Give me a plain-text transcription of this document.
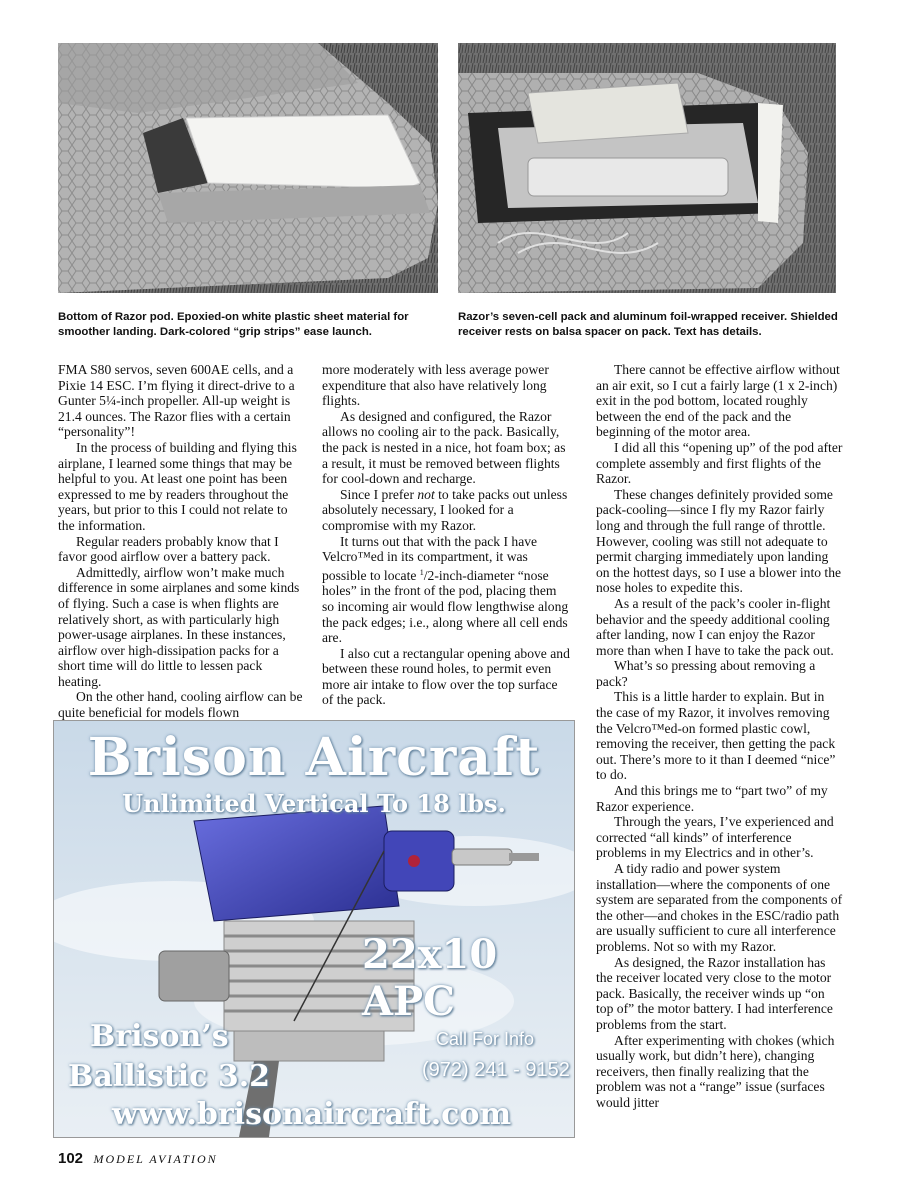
Bottom of Razor pod. Epoxied-on white plastic sheet material for smoother landing. Dark-colored “grip strips” ease launch.
Razor’s seven-cell pack and aluminum foil-wrapped receiver. Shielded receiver rests on balsa spacer on pack. Text has details.

FMA S80 servos, seven 600AE cells, and a Pixie 14 ESC. I’m flying it direct-drive to a Gunter 5¼-inch propeller. All-up weight is 21.4 ounces. The Razor flies with a certain “personality”!

In the process of building and flying this airplane, I learned some things that may be helpful to you. At least one point has been expressed to me by readers throughout the years, but prior to this I could not relate to the information.

Regular readers probably know that I favor good airflow over a battery pack.

Admittedly, airflow won’t make much difference in some airplanes and some kinds of flying. Such a case is when flights are relatively short, as with particularly high power-usage airplanes. In these instances, airflow over high-dissipation packs for a short time will do little to lessen pack heating.

On the other hand, cooling airflow can be quite beneficial for models flown

more moderately with less average power expenditure that also have relatively long flights.

As designed and configured, the Razor allows no cooling air to the pack. Basically, the pack is nested in a nice, hot foam box; as a result, it must be removed between flights for cool-down and recharge.

Since I prefer not to take packs out unless absolutely necessary, I looked for a compromise with my Razor.

It turns out that with the pack I have Velcro™ed in its compartment, it was possible to locate $^1$/2-inch-diameter “nose holes” in the front of the pod, placing them so incoming air would flow lengthwise along the pack edges; i.e., along where all cell ends are.

I also cut a rectangular opening above and between these round holes, to permit even more air intake to flow over the top surface of the pack.

There cannot be effective airflow without an air exit, so I cut a fairly large (1 x 2-inch) exit in the pod bottom, located roughly between the end of the pack and the beginning of the motor area.

I did all this “opening up” of the pod after complete assembly and first flights of the Razor.

These changes definitely provided some pack-cooling—since I fly my Razor fairly long and through the full range of throttle. However, cooling was still not adequate to permit charging immediately upon landing on the hottest days, so I use a blower into the nose holes to expedite this.

As a result of the pack’s cooler in-flight behavior and the speedy additional cooling after landing, now I can enjoy the Razor more than when I have to take the pack out.

What’s so pressing about removing a pack?

This is a little harder to explain. But in the case of my Razor, it involves removing the Velcro™ed-on formed plastic cowl, removing the receiver, then getting the pack out. There’s more to it than I deemed “nice” to do.

And this brings me to “part two” of my Razor experience.

Through the years, I’ve experienced and corrected “all kinds” of interference problems in my Electrics and in other’s.

A tidy radio and power system installation—where the components of one system are separated from the components of the other—and chokes in the ESC/radio path are usually sufficient to cure all interference problems. Not so with my Razor.

As designed, the Razor installation has the receiver located very close to the motor pack. Basically, the receiver winds up “on top of” the motor battery. I had interference problems from the start.

After experimenting with chokes (which usually work, but didn’t here), changing receivers, then finally realizing that the problem was not a “range” issue (surfaces would jitter

Brison Aircraft
Unlimited Vertical To 18 lbs.
22x10 APC
Brison’s
Ballistic 3.2
Call For Info
(972) 241 - 9152
www.brisonaircraft.com
102 MODEL AVIATION
